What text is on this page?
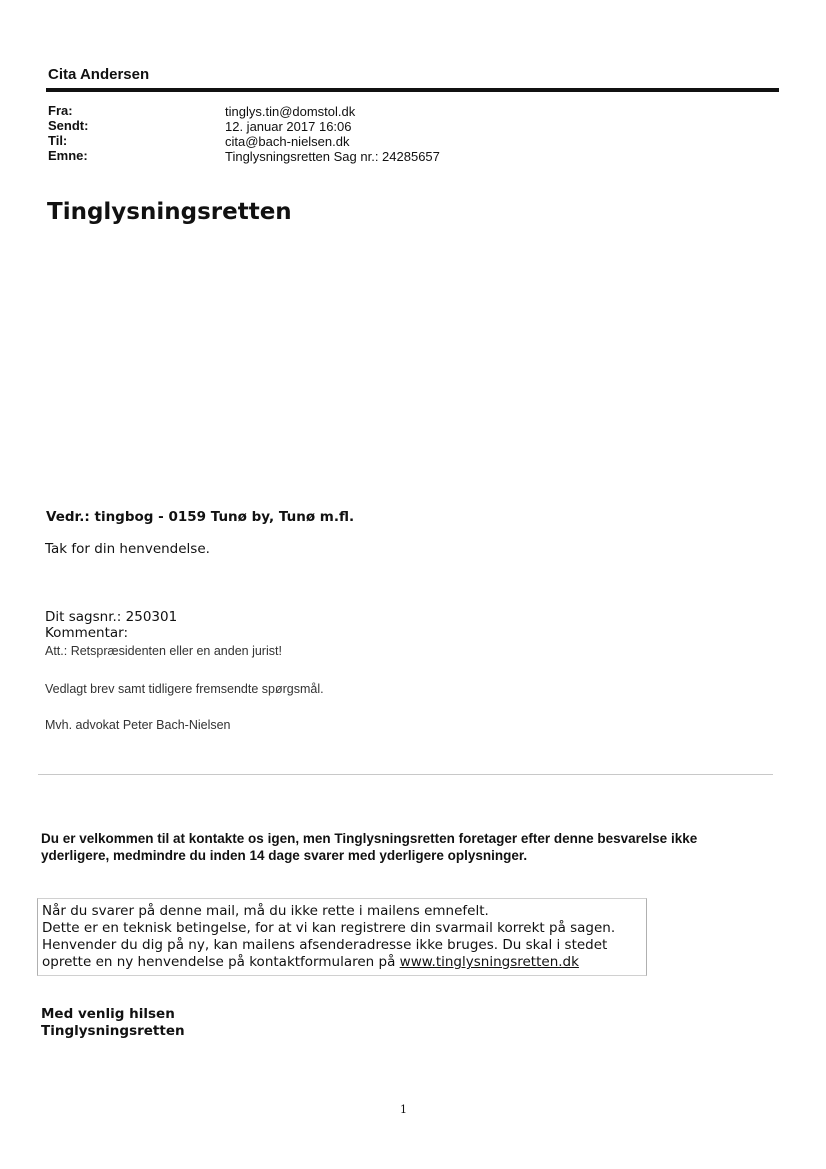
Cita Andersen
Fra:	tinglys.tin@domstol.dk
Sendt:	12. januar 2017 16:06
Til:	cita@bach-nielsen.dk
Emne:	Tinglysningsretten Sag nr.: 24285657
Tinglysningsretten
Vedr.: tingbog - 0159 Tunø by, Tunø m.fl.
Tak for din henvendelse.
Dit sagsnr.: 250301
Kommentar:
Att.: Retspræsidenten eller en anden jurist!
Vedlagt brev samt tidligere fremsendte spørgsmål.
Mvh. advokat Peter Bach-Nielsen
Du er velkommen til at kontakte os igen, men Tinglysningsretten foretager efter denne besvarelse ikke yderligere, medmindre du inden 14 dage svarer med yderligere oplysninger.
Når du svarer på denne mail, må du ikke rette i mailens emnefelt.
Dette er en teknisk betingelse, for at vi kan registrere din svarmail korrekt på sagen.
Henvender du dig på ny, kan mailens afsenderadresse ikke bruges. Du skal i stedet
oprette en ny henvendelse på kontaktformularen på www.tinglysningsretten.dk
Med venlig hilsen
Tinglysningsretten
1
